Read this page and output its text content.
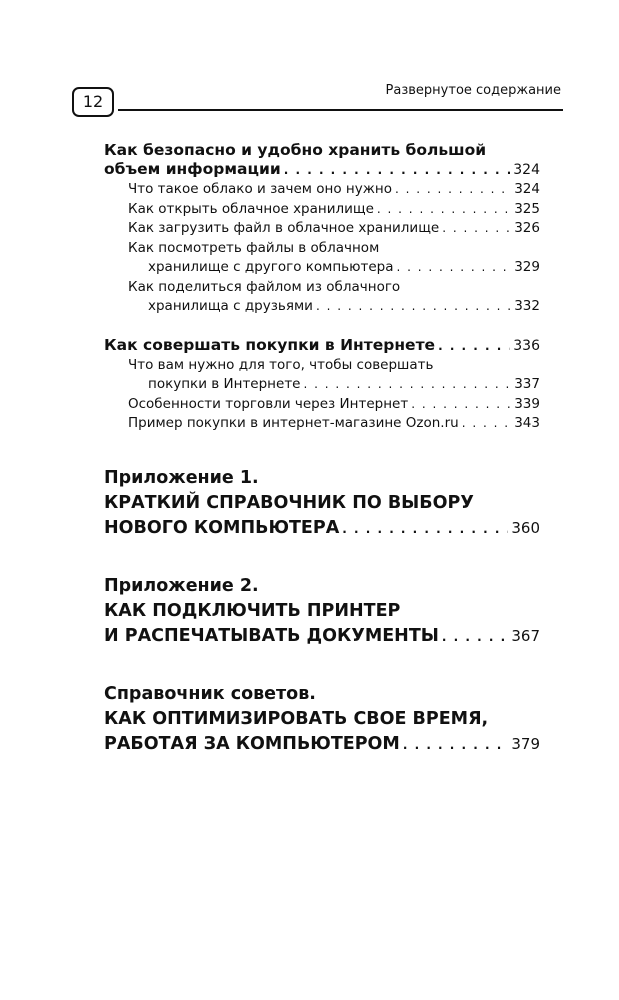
12
Развернутое содержание
Как безопасно и удобно хранить большой
объем информации . . .	324
Что такое облако и зачем оно нужно . . .	324
Как открыть облачное хранилище . . .	325
Как загрузить файл в облачное хранилище . . .	326
Как посмотреть файлы в облачном
хранилище с другого компьютера . . .	329
Как поделиться файлом из облачного
хранилища с друзьями . . .	332
Как совершать покупки в Интернете . . .	336
Что вам нужно для того, чтобы совершать
покупки в Интернете . . .	337
Особенности торговли через Интернет . . .	339
Пример покупки в интернет-магазине Ozon.ru . . .	343
Приложение 1.
КРАТКИЙ СПРАВОЧНИК ПО ВЫБОРУ
НОВОГО КОМПЬЮТЕРА . . .	360
Приложение 2.
КАК ПОДКЛЮЧИТЬ ПРИНТЕР
И РАСПЕЧАТЫВАТЬ ДОКУМЕНТЫ . . .	367
Справочник советов.
КАК ОПТИМИЗИРОВАТЬ СВОЕ ВРЕМЯ,
РАБОТАЯ ЗА КОМПЬЮТЕРОМ . . .	379
